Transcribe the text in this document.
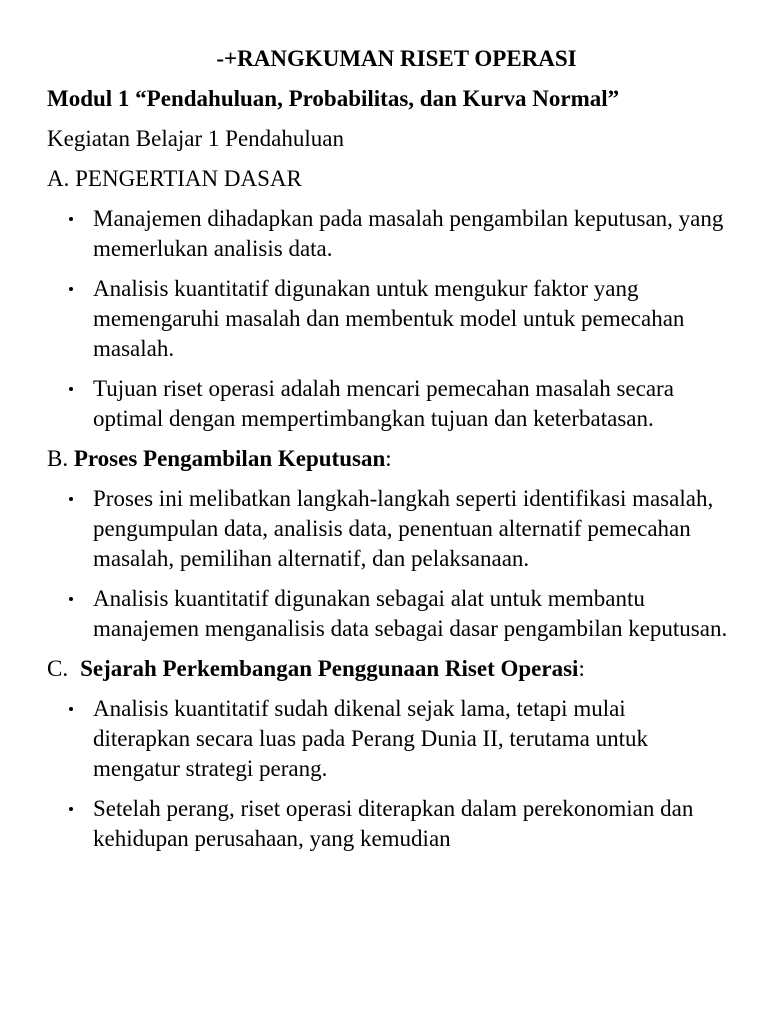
-+RANGKUMAN RISET OPERASI
Modul 1 “Pendahuluan, Probabilitas, dan Kurva Normal”
Kegiatan Belajar 1 Pendahuluan
A. PENGERTIAN DASAR
Manajemen dihadapkan pada masalah pengambilan keputusan, yang memerlukan analisis data.
Analisis kuantitatif digunakan untuk mengukur faktor yang memengaruhi masalah dan membentuk model untuk pemecahan masalah.
Tujuan riset operasi adalah mencari pemecahan masalah secara optimal dengan mempertimbangkan tujuan dan keterbatasan.
B. Proses Pengambilan Keputusan:
Proses ini melibatkan langkah-langkah seperti identifikasi masalah, pengumpulan data, analisis data, penentuan alternatif pemecahan masalah, pemilihan alternatif, dan pelaksanaan.
Analisis kuantitatif digunakan sebagai alat untuk membantu manajemen menganalisis data sebagai dasar pengambilan keputusan.
C. Sejarah Perkembangan Penggunaan Riset Operasi:
Analisis kuantitatif sudah dikenal sejak lama, tetapi mulai diterapkan secara luas pada Perang Dunia II, terutama untuk mengatur strategi perang.
Setelah perang, riset operasi diterapkan dalam perekonomian dan kehidupan perusahaan, yang kemudian
